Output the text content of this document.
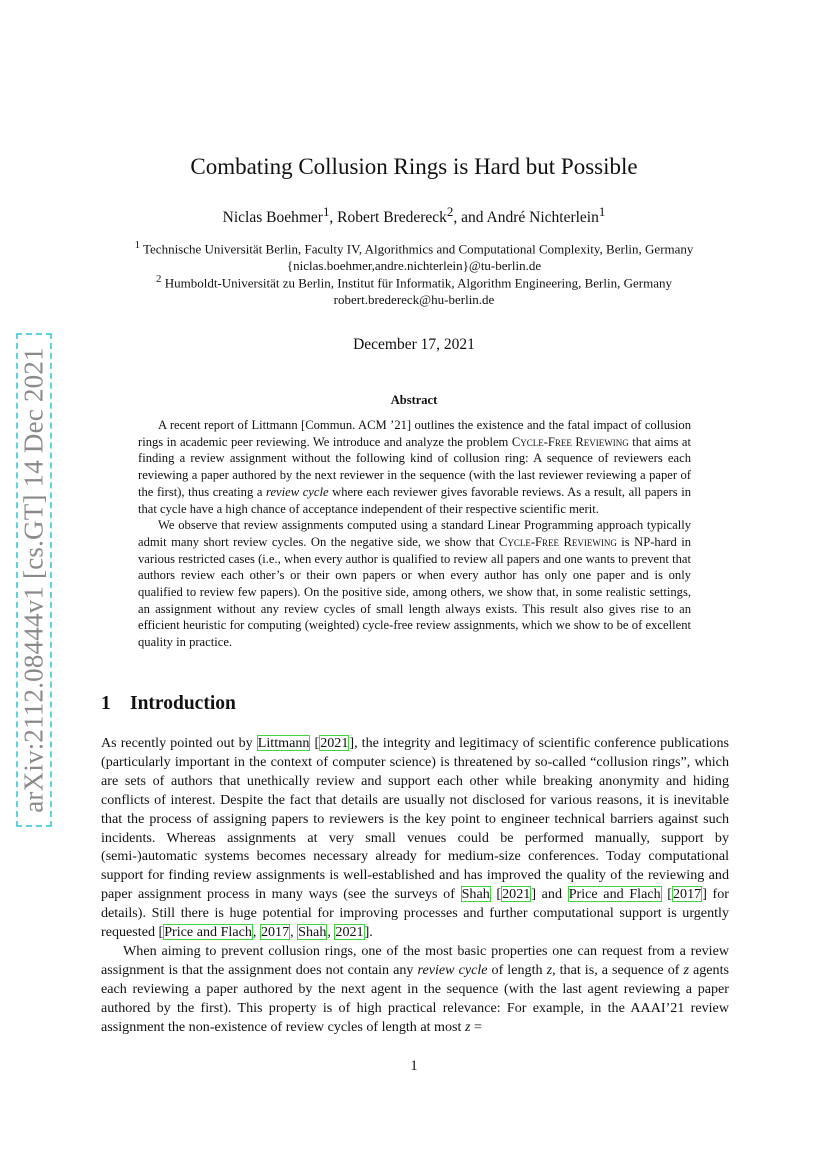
arXiv:2112.08444v1 [cs.GT] 14 Dec 2021
Combating Collusion Rings is Hard but Possible
Niclas Boehmer$^1$, Robert Bredereck$^2$, and André Nichterlein$^1$
$^1$ Technische Universität Berlin, Faculty IV, Algorithmics and Computational Complexity, Berlin, Germany
{niclas.boehmer,andre.nichterlein}@tu-berlin.de
$^2$ Humboldt-Universität zu Berlin, Institut für Informatik, Algorithm Engineering, Berlin, Germany
robert.bredereck@hu-berlin.de
December 17, 2021
Abstract

A recent report of Littmann [Commun. ACM ’21] outlines the existence and the fatal impact of collusion rings in academic peer reviewing. We introduce and analyze the problem Cycle-Free Reviewing that aims at finding a review assignment without the following kind of collusion ring: A sequence of reviewers each reviewing a paper authored by the next reviewer in the sequence (with the last reviewer reviewing a paper of the first), thus creating a review cycle where each reviewer gives favorable reviews. As a result, all papers in that cycle have a high chance of acceptance independent of their respective scientific merit.

We observe that review assignments computed using a standard Linear Programming approach typically admit many short review cycles. On the negative side, we show that Cycle-Free Reviewing is NP-hard in various restricted cases (i.e., when every author is qualified to review all papers and one wants to prevent that authors review each other’s or their own papers or when every author has only one paper and is only qualified to review few papers). On the positive side, among others, we show that, in some realistic settings, an assignment without any review cycles of small length always exists. This result also gives rise to an efficient heuristic for computing (weighted) cycle-free review assignments, which we show to be of excellent quality in practice.

1 Introduction

As recently pointed out by Littmann [2021], the integrity and legitimacy of scientific conference publications (particularly important in the context of computer science) is threatened by so-called “collusion rings”, which are sets of authors that unethically review and support each other while breaking anonymity and hiding conflicts of interest. Despite the fact that details are usually not disclosed for various reasons, it is inevitable that the process of assigning papers to reviewers is the key point to engineer technical barriers against such incidents. Whereas assignments at very small venues could be performed manually, support by (semi-)automatic systems becomes necessary already for medium-size conferences. Today computational support for finding review assignments is well-established and has improved the quality of the reviewing and paper assignment process in many ways (see the surveys of Shah [2021] and Price and Flach [2017] for details). Still there is huge potential for improving processes and further computational support is urgently requested [Price and Flach, 2017, Shah, 2021].

When aiming to prevent collusion rings, one of the most basic properties one can request from a review assignment is that the assignment does not contain any review cycle of length z, that is, a sequence of z agents each reviewing a paper authored by the next agent in the sequence (with the last agent reviewing a paper authored by the first). This property is of high practical relevance: For example, in the AAAI’21 review assignment the non-existence of review cycles of length at most z =

1
